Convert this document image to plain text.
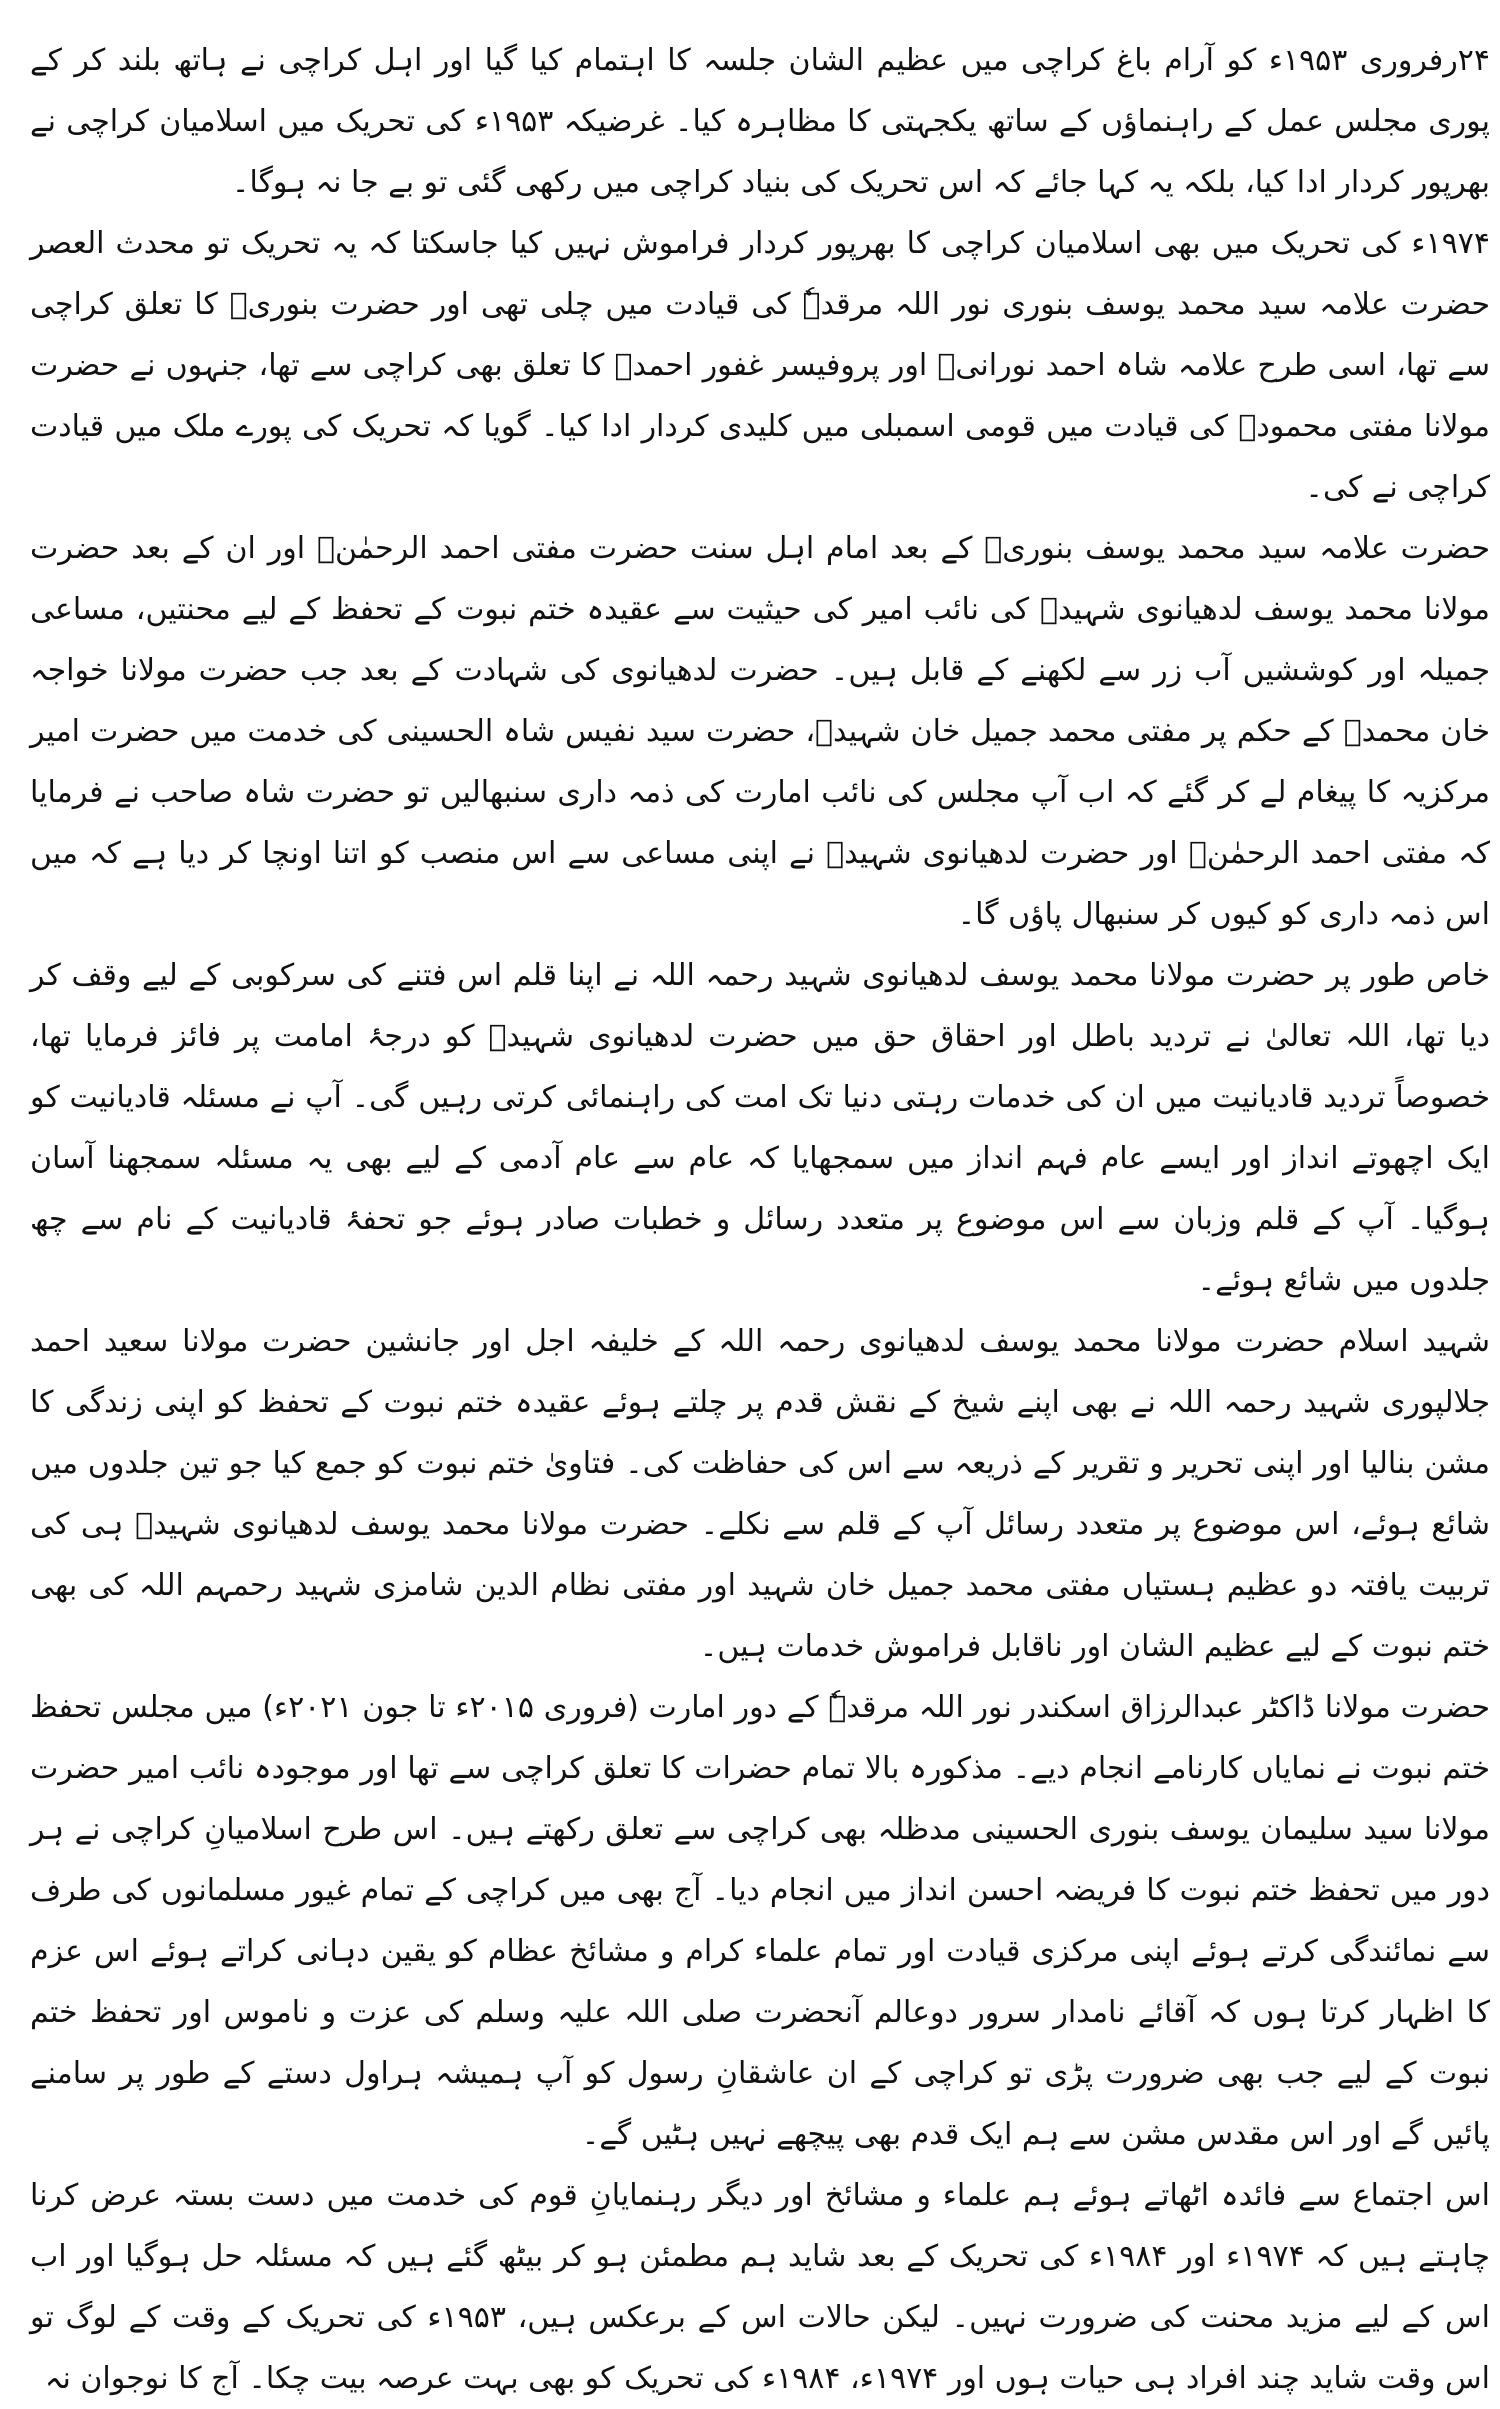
۲۴رفروری ۱۹۵۳ء کو آرام باغ کراچی میں عظیم الشان جلسہ کا اہتمام کیا گیا اور اہل کراچی نے ہاتھ بلند کر کے پوری مجلس عمل کے راہنماؤں کے ساتھ یکجہتی کا مظاہرہ کیا۔ غرضیکہ ۱۹۵۳ء کی تحریک میں اسلامیان کراچی نے بھرپور کردار ادا کیا، بلکہ یہ کہا جائے کہ اس تحریک کی بنیاد کراچی میں رکھی گئی تو بے جا نہ ہوگا۔

۱۹۷۴ء کی تحریک میں بھی اسلامیان کراچی کا بھرپور کردار فراموش نہیں کیا جاسکتا کہ یہ تحریک تو محدث العصر حضرت علامہ سید محمد یوسف بنوری نور اللہ مرقدہٗ کی قیادت میں چلی تھی اور حضرت بنوریؒ کا تعلق کراچی سے تھا، اسی طرح علامہ شاہ احمد نورانیؒ اور پروفیسر غفور احمدؒ کا تعلق بھی کراچی سے تھا، جنہوں نے حضرت مولانا مفتی محمودؒ کی قیادت میں قومی اسمبلی میں کلیدی کردار ادا کیا۔ گویا کہ تحریک کی پورے ملک میں قیادت کراچی نے کی۔

حضرت علامہ سید محمد یوسف بنوریؒ کے بعد امام اہل سنت حضرت مفتی احمد الرحمٰنؒ اور ان کے بعد حضرت مولانا محمد یوسف لدھیانوی شہیدؒ کی نائب امیر کی حیثیت سے عقیدہ ختم نبوت کے تحفظ کے لیے محنتیں، مساعی جمیلہ اور کوششیں آب زر سے لکھنے کے قابل ہیں۔ حضرت لدھیانوی کی شہادت کے بعد جب حضرت مولانا خواجہ خان محمدؒ کے حکم پر مفتی محمد جمیل خان شہیدؒ، حضرت سید نفیس شاہ الحسینی کی خدمت میں حضرت امیر مرکزیہ کا پیغام لے کر گئے کہ اب آپ مجلس کی نائب امارت کی ذمہ داری سنبھالیں تو حضرت شاہ صاحب نے فرمایا کہ مفتی احمد الرحمٰنؒ اور حضرت لدھیانوی شہیدؒ نے اپنی مساعی سے اس منصب کو اتنا اونچا کر دیا ہے کہ میں اس ذمہ داری کو کیوں کر سنبھال پاؤں گا۔

خاص طور پر حضرت مولانا محمد یوسف لدھیانوی شہید رحمہ اللہ نے اپنا قلم اس فتنے کی سرکوبی کے لیے وقف کر دیا تھا، اللہ تعالیٰ نے تردید باطل اور احقاق حق میں حضرت لدھیانوی شہیدؒ کو درجۂ امامت پر فائز فرمایا تھا، خصوصاً تردید قادیانیت میں ان کی خدمات رہتی دنیا تک امت کی راہنمائی کرتی رہیں گی۔ آپ نے مسئلہ قادیانیت کو ایک اچھوتے انداز اور ایسے عام فہم انداز میں سمجھایا کہ عام سے عام آدمی کے لیے بھی یہ مسئلہ سمجھنا آسان ہوگیا۔ آپ کے قلم وزبان سے اس موضوع پر متعدد رسائل و خطبات صادر ہوئے جو تحفۂ قادیانیت کے نام سے چھ جلدوں میں شائع ہوئے۔

شہید اسلام حضرت مولانا محمد یوسف لدھیانوی رحمہ اللہ کے خلیفہ اجل اور جانشین حضرت مولانا سعید احمد جلالپوری شہید رحمہ اللہ نے بھی اپنے شیخ کے نقش قدم پر چلتے ہوئے عقیدہ ختم نبوت کے تحفظ کو اپنی زندگی کا مشن بنالیا اور اپنی تحریر و تقریر کے ذریعہ سے اس کی حفاظت کی۔ فتاویٰ ختم نبوت کو جمع کیا جو تین جلدوں میں شائع ہوئے، اس موضوع پر متعدد رسائل آپ کے قلم سے نکلے۔ حضرت مولانا محمد یوسف لدھیانوی شہیدؒ ہی کی تربیت یافتہ دو عظیم ہستیاں مفتی محمد جمیل خان شہید اور مفتی نظام الدین شامزی شہید رحمہم اللہ کی بھی ختم نبوت کے لیے عظیم الشان اور ناقابل فراموش خدمات ہیں۔

حضرت مولانا ڈاکٹر عبدالرزاق اسکندر نور اللہ مرقدہٗ کے دور امارت (فروری ۲۰۱۵ء تا جون ۲۰۲۱ء) میں مجلس تحفظ ختم نبوت نے نمایاں کارنامے انجام دیے۔ مذکورہ بالا تمام حضرات کا تعلق کراچی سے تھا اور موجودہ نائب امیر حضرت مولانا سید سلیمان یوسف بنوری الحسینی مدظلہ بھی کراچی سے تعلق رکھتے ہیں۔ اس طرح اسلامیانِ کراچی نے ہر دور میں تحفظ ختم نبوت کا فریضہ احسن انداز میں انجام دیا۔ آج بھی میں کراچی کے تمام غیور مسلمانوں کی طرف سے نمائندگی کرتے ہوئے اپنی مرکزی قیادت اور تمام علماء کرام و مشائخ عظام کو یقین دہانی کراتے ہوئے اس عزم کا اظہار کرتا ہوں کہ آقائے نامدار سرور دوعالم آنحضرت صلی اللہ علیہ وسلم کی عزت و ناموس اور تحفظ ختم نبوت کے لیے جب بھی ضرورت پڑی تو کراچی کے ان عاشقانِ رسول کو آپ ہمیشہ ہراول دستے کے طور پر سامنے پائیں گے اور اس مقدس مشن سے ہم ایک قدم بھی پیچھے نہیں ہٹیں گے۔

اس اجتماع سے فائدہ اٹھاتے ہوئے ہم علماء و مشائخ اور دیگر رہنمایانِ قوم کی خدمت میں دست بستہ عرض کرنا چاہتے ہیں کہ ۱۹۷۴ء اور ۱۹۸۴ء کی تحریک کے بعد شاید ہم مطمئن ہو کر بیٹھ گئے ہیں کہ مسئلہ حل ہوگیا اور اب اس کے لیے مزید محنت کی ضرورت نہیں۔ لیکن حالات اس کے برعکس ہیں، ۱۹۵۳ء کی تحریک کے وقت کے لوگ تو اس وقت شاید چند افراد ہی حیات ہوں اور ۱۹۷۴ء، ۱۹۸۴ء کی تحریک کو بھی بہت عرصہ بیت چکا۔ آج کا نوجوان نہ
